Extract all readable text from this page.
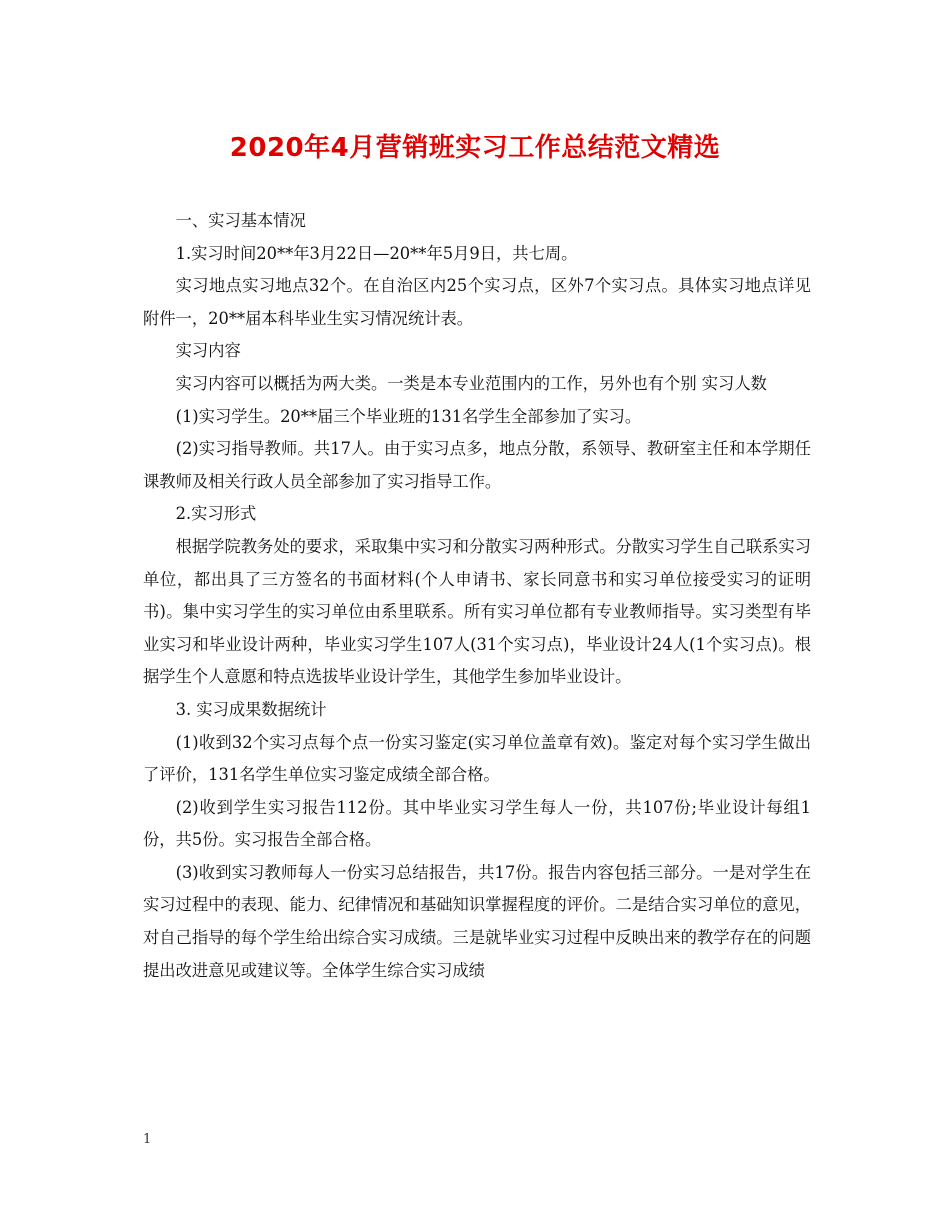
2020年4月营销班实习工作总结范文精选

一、实习基本情况

1.实习时间20**年3月22日—20**年5月9日，共七周。

实习地点实习地点32个。在自治区内25个实习点，区外7个实习点。具体实习地点详见附件一，20**届本科毕业生实习情况统计表。

实习内容

实习内容可以概括为两大类。一类是本专业范围内的工作，另外也有个别 实习人数

(1)实习学生。20**届三个毕业班的131名学生全部参加了实习。

(2)实习指导教师。共17人。由于实习点多，地点分散，系领导、教研室主任和本学期任课教师及相关行政人员全部参加了实习指导工作。

2.实习形式

根据学院教务处的要求，采取集中实习和分散实习两种形式。分散实习学生自己联系实习单位，都出具了三方签名的书面材料(个人申请书、家长同意书和实习单位接受实习的证明书)。集中实习学生的实习单位由系里联系。所有实习单位都有专业教师指导。实习类型有毕业实习和毕业设计两种，毕业实习学生107人(31个实习点)，毕业设计24人(1个实习点)。根据学生个人意愿和特点选拔毕业设计学生，其他学生参加毕业设计。

3. 实习成果数据统计

(1)收到32个实习点每个点一份实习鉴定(实习单位盖章有效)。鉴定对每个实习学生做出了评价，131名学生单位实习鉴定成绩全部合格。

(2)收到学生实习报告112份。其中毕业实习学生每人一份，共107份;毕业设计每组1份，共5份。实习报告全部合格。

(3)收到实习教师每人一份实习总结报告，共17份。报告内容包括三部分。一是对学生在实习过程中的表现、能力、纪律情况和基础知识掌握程度的评价。二是结合实习单位的意见，对自己指导的每个学生给出综合实习成绩。三是就毕业实习过程中反映出来的教学存在的问题提出改进意见或建议等。全体学生综合实习成绩

1
